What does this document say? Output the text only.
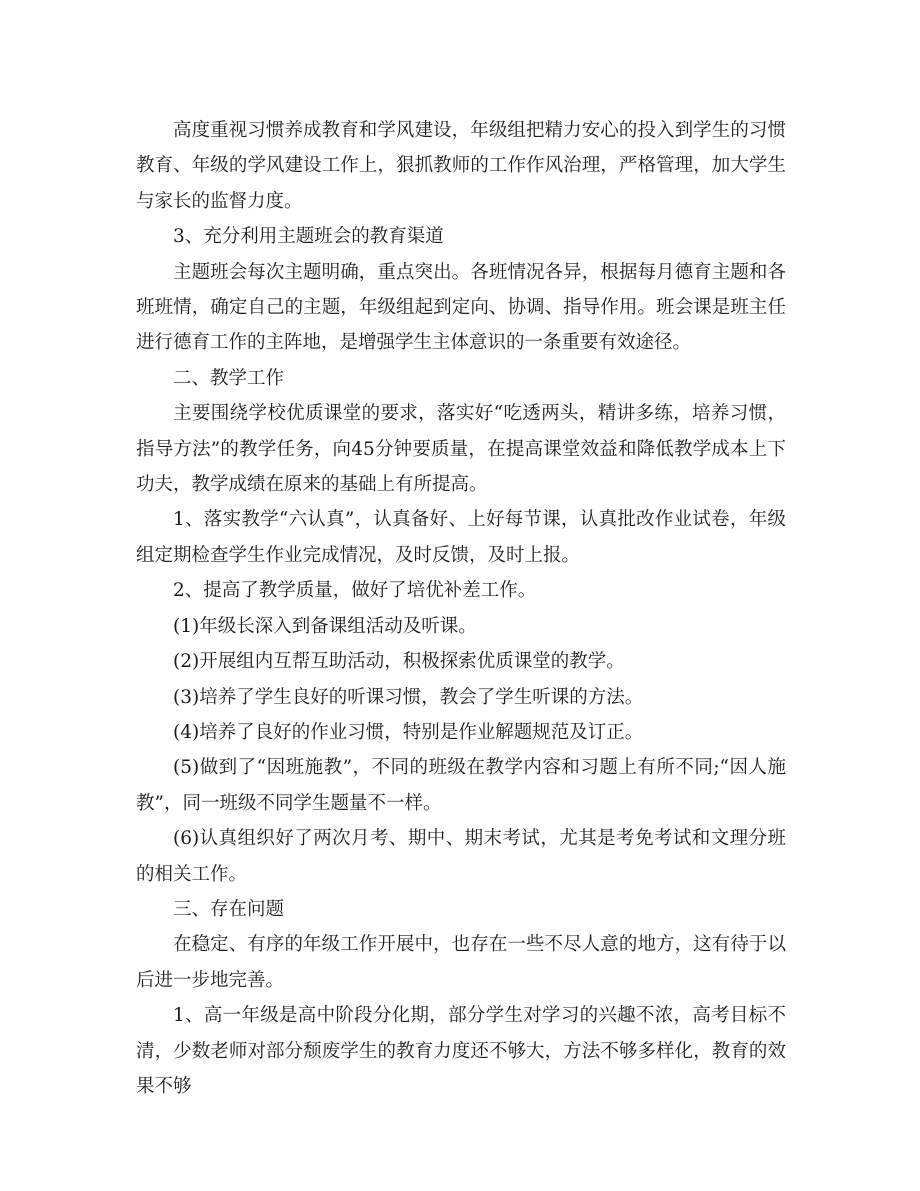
高度重视习惯养成教育和学风建设，年级组把精力安心的投入到学生的习惯教育、年级的学风建设工作上，狠抓教师的工作作风治理，严格管理，加大学生与家长的监督力度。

3、充分利用主题班会的教育渠道

主题班会每次主题明确，重点突出。各班情况各异，根据每月德育主题和各班班情，确定自己的主题，年级组起到定向、协调、指导作用。班会课是班主任进行德育工作的主阵地，是增强学生主体意识的一条重要有效途径。

二、教学工作

主要围绕学校优质课堂的要求，落实好“吃透两头，精讲多练，培养习惯，指导方法”的教学任务，向45分钟要质量，在提高课堂效益和降低教学成本上下功夫，教学成绩在原来的基础上有所提高。

1、落实教学“六认真”，认真备好、上好每节课，认真批改作业试卷，年级组定期检查学生作业完成情况，及时反馈，及时上报。

2、提高了教学质量，做好了培优补差工作。

(1)年级长深入到备课组活动及听课。

(2)开展组内互帮互助活动，积极探索优质课堂的教学。

(3)培养了学生良好的听课习惯，教会了学生听课的方法。

(4)培养了良好的作业习惯，特别是作业解题规范及订正。

(5)做到了“因班施教”，不同的班级在教学内容和习题上有所不同;“因人施教”，同一班级不同学生题量不一样。

(6)认真组织好了两次月考、期中、期末考试，尤其是考免考试和文理分班的相关工作。

三、存在问题

在稳定、有序的年级工作开展中，也存在一些不尽人意的地方，这有待于以后进一步地完善。

1、高一年级是高中阶段分化期，部分学生对学习的兴趣不浓，高考目标不清，少数老师对部分颓废学生的教育力度还不够大，方法不够多样化，教育的效果不够
